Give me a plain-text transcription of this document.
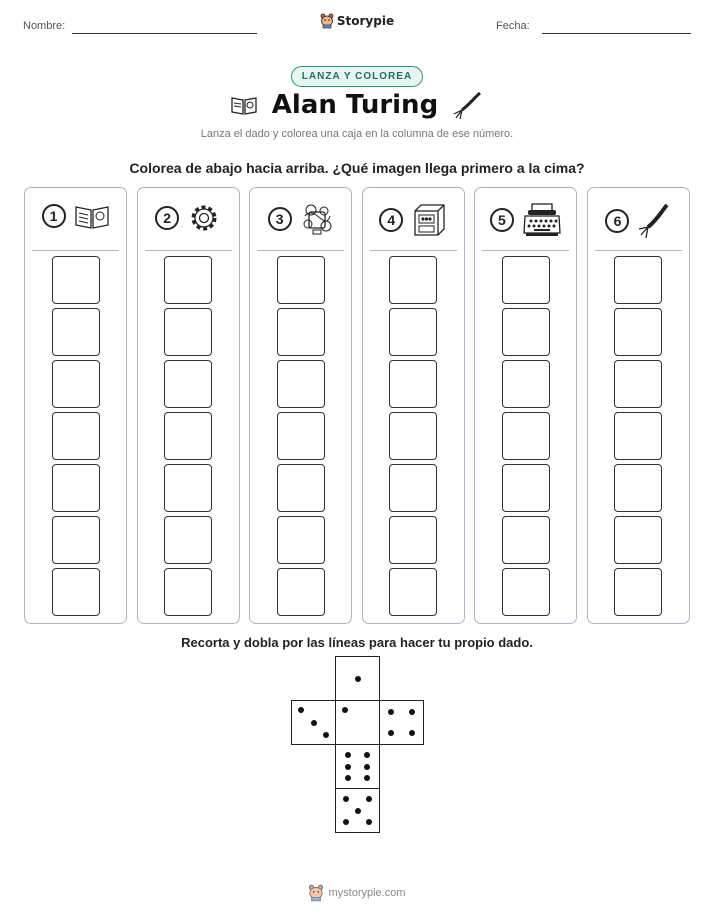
Nombre:	Storypie	Fecha:
LANZA Y COLOREA
Alan Turing
Lanza el dado y colorea una caja en la columna de ese número.
Colorea de abajo hacia arriba. ¿Qué imagen llega primero a la cima?
1	2	3	4	5	6
Recorta y dobla por las líneas para hacer tu propio dado.
mystorypie.com
